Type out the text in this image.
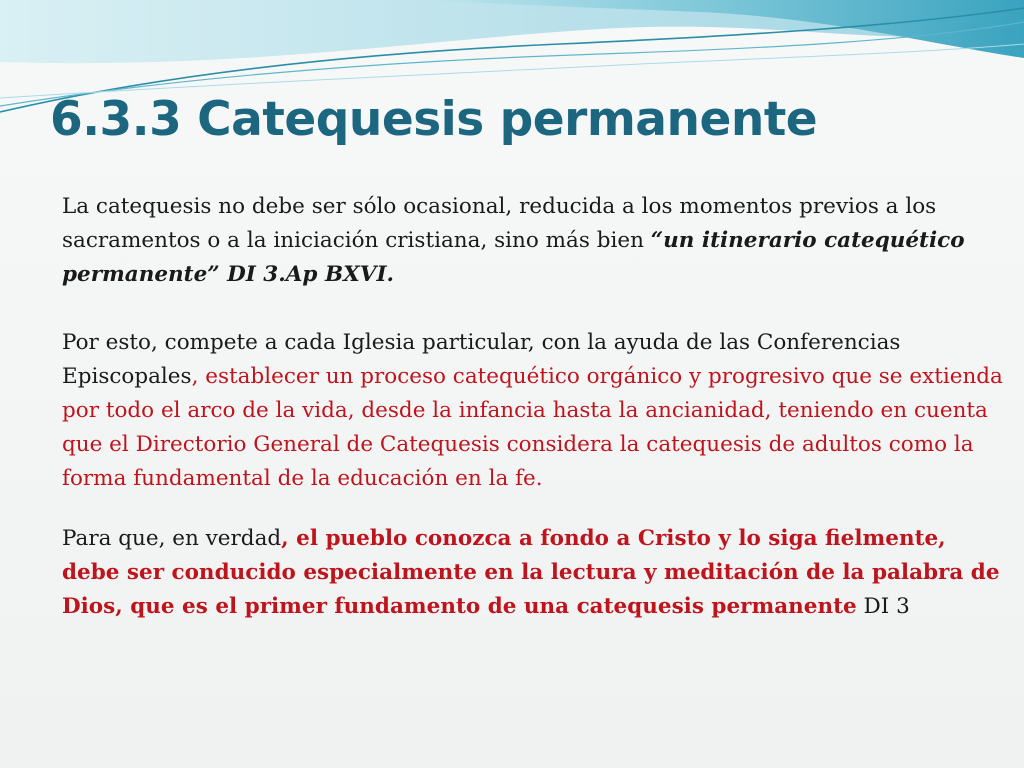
6.3.3 Catequesis permanente

La catequesis no debe ser sólo ocasional, reducida a los momentos previos a los sacramentos o a la iniciación cristiana, sino más bien “un itinerario catequético permanente” DI 3.Ap BXVI.

Por esto, compete a cada Iglesia particular, con la ayuda de las Conferencias Episcopales, establecer un proceso catequético orgánico y progresivo que se extienda por todo el arco de la vida, desde la infancia hasta la ancianidad, teniendo en cuenta que el Directorio General de Catequesis considera la catequesis de adultos como la forma fundamental de la educación en la fe.

Para que, en verdad, el pueblo conozca a fondo a Cristo y lo siga fielmente, debe ser conducido especialmente en la lectura y meditación de la palabra de Dios, que es el primer fundamento de una catequesis permanente DI 3
